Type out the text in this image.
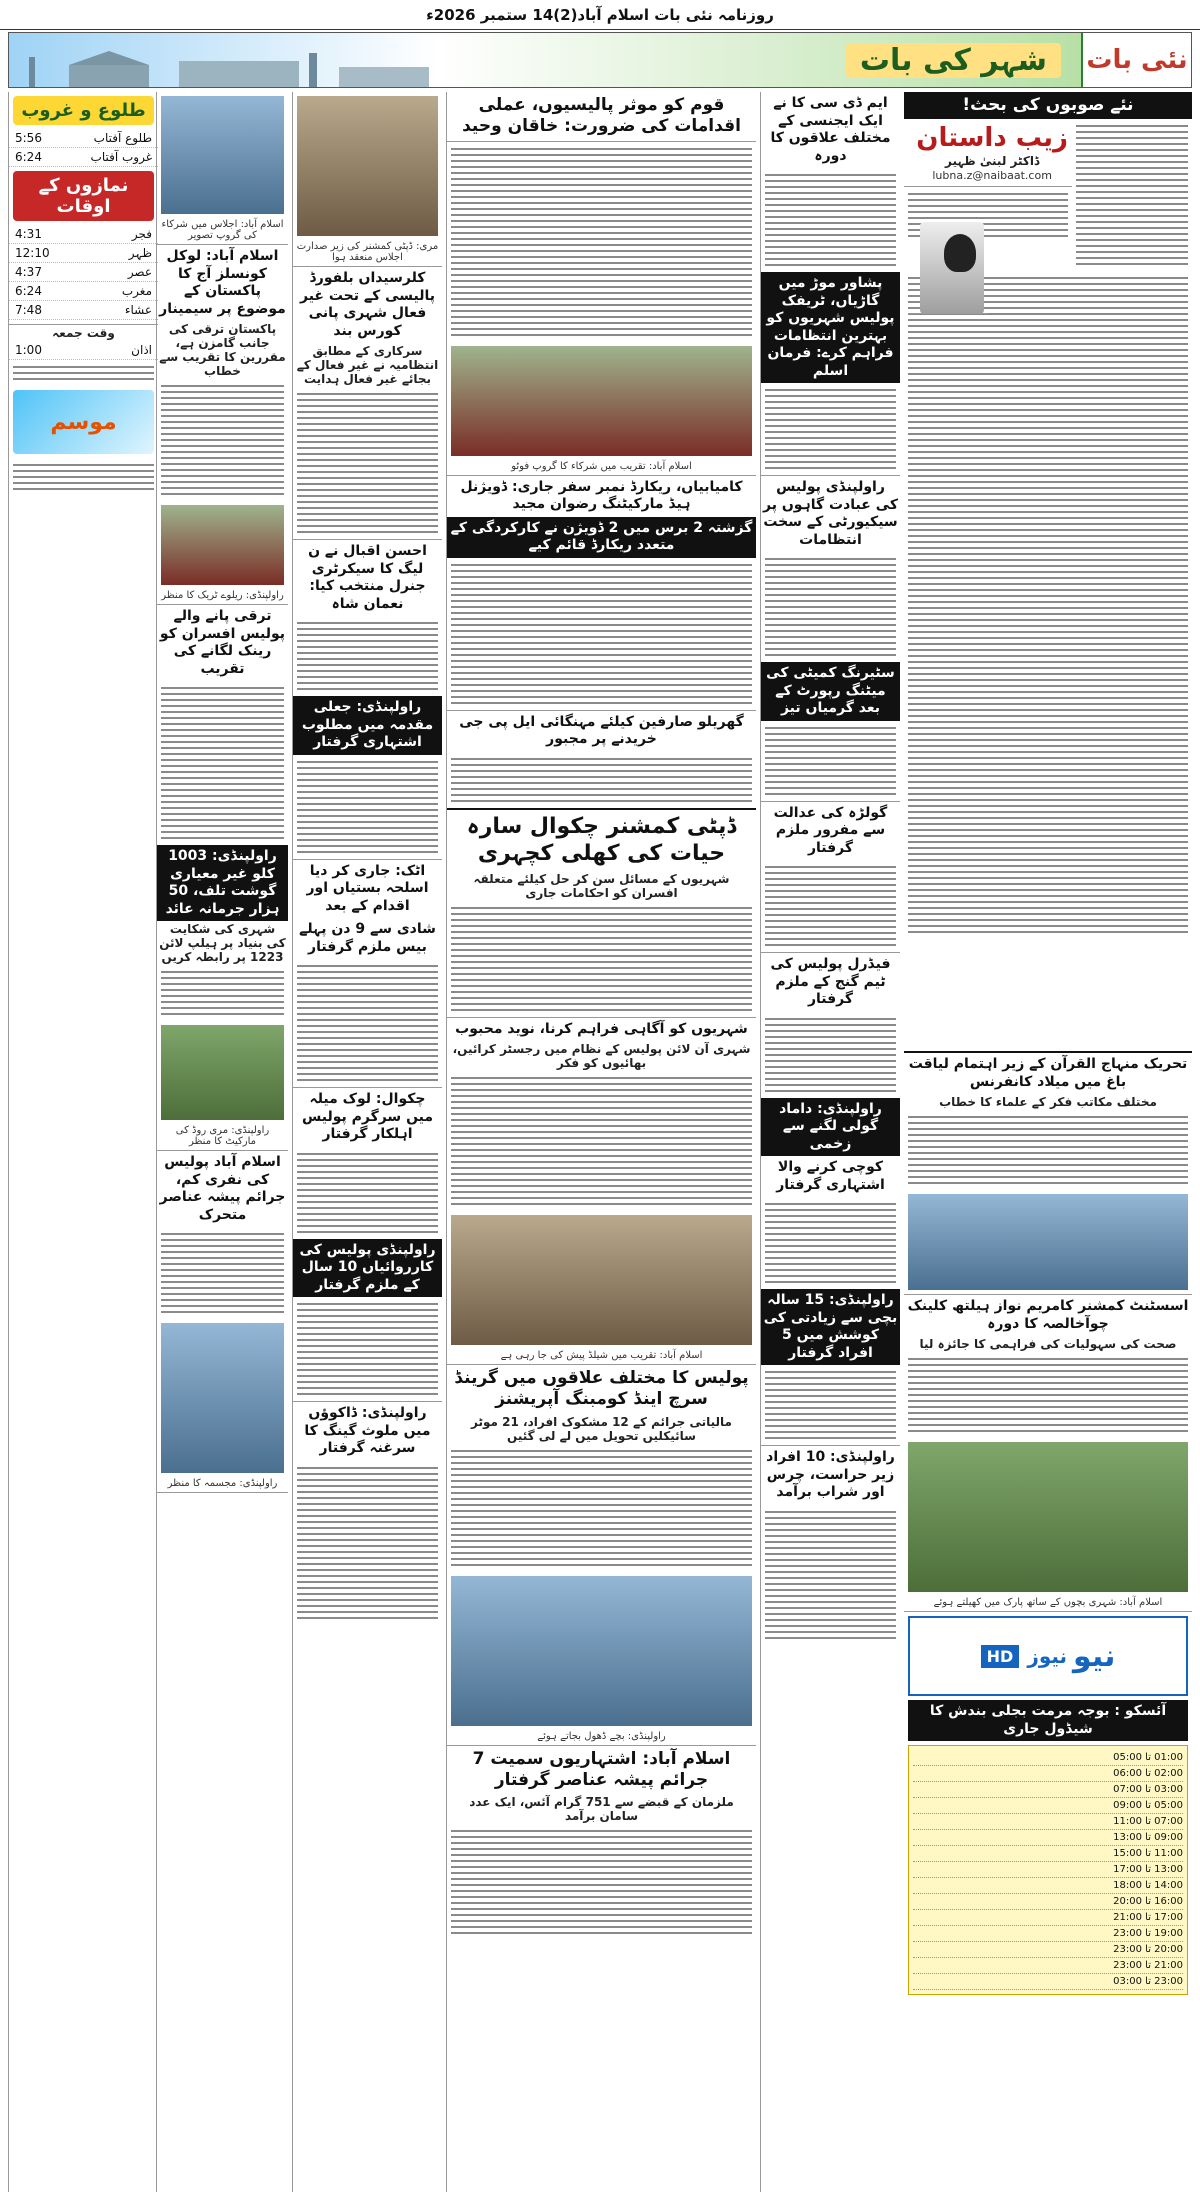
روزنامہ نئی بات اسلام آباد(2)14 ستمبر 2026ء
نئی بات
شہر کی بات
نئے صوبوں کی بحث!
زیب داستان
ڈاکٹر لبنیٰ ظہیر
lubna.z@naibaat.com
تحریک منہاج القرآن کے زیر اہتمام لیاقت باغ میں میلاد کانفرنس
مختلف مکاتب فکر کے علماء کا خطاب
اسسٹنٹ کمشنر کامریم نواز ہیلتھ کلینک چوآخالصہ کا دورہ
صحت کی سہولیات کی فراہمی کا جائزہ لیا
اسلام آباد: شہری بچوں کے ساتھ پارک میں کھیلتے ہوئے
نیو
نیوز
HD
آئسکو : بوجہ مرمت بجلی بندش کا شیڈول جاری
01:00 تا 05:00
02:00 تا 06:00
03:00 تا 07:00
05:00 تا 09:00
07:00 تا 11:00
09:00 تا 13:00
11:00 تا 15:00
13:00 تا 17:00
14:00 تا 18:00
16:00 تا 20:00
17:00 تا 21:00
19:00 تا 23:00
20:00 تا 23:00
21:00 تا 23:00
23:00 تا 03:00
ایم ڈی سی کا نے ایک ایجنسی کے مختلف علاقوں کا دورہ
پشاور موڑ میں گاڑیاں، ٹریفک پولیس شہریوں کو بہترین انتظامات فراہم کرے: فرمان اسلم
راولپنڈی پولیس کی عبادت گاہوں پر سیکیورٹی کے سخت انتظامات
سٹیرنگ کمیٹی کی میٹنگ رپورٹ کے بعد گرمیاں تیز
گولڑہ کی عدالت سے مفرور ملزم گرفتار
فیڈرل پولیس کی ٹیم گنج کے ملزم گرفتار
راولپنڈی: داماد گولی لگنے سے زخمی
کوچی کرنے والا اشتہاری گرفتار
راولپنڈی: 15 سالہ بچی سے زیادتی کی کوشش میں 5 افراد گرفتار
راولپنڈی: 10 افراد زیر حراست، چرس اور شراب برآمد
قوم کو موثر پالیسیوں، عملی اقدامات کی ضرورت: خاقان وحید
اسلام آباد: تقریب میں شرکاء کا گروپ فوٹو
کامیابیاں، ریکارڈ نمبر سفر جاری: ڈویژنل ہیڈ مارکیٹنگ رضوان مجید
گزشتہ 2 برس میں 2 ڈویژن نے کارکردگی کے متعدد ریکارڈ قائم کیے
گھریلو صارفین کیلئے مہنگائی ایل پی جی خریدنے پر مجبور
ڈپٹی کمشنر چکوال سارہ حیات کی کھلی کچہری
شہریوں کے مسائل سن کر حل کیلئے متعلقہ افسران کو احکامات جاری
شہریوں کو آگاہی فراہم کرنا، نوید محبوب
شہری آن لائن پولیس کے نظام میں رجسٹر کرائیں، بھائیوں کو فکر
اسلام آباد: تقریب میں شیلڈ پیش کی جا رہی ہے
پولیس کا مختلف علاقوں میں گرینڈ سرچ اینڈ کومبنگ آپریشنز
مالیاتی جرائم کے 12 مشکوک افراد، 21 موٹر سائیکلیں تحویل میں لے لی گئیں
راولپنڈی: بچے ڈھول بجاتے ہوئے
اسلام آباد: اشتہاریوں سمیت 7 جرائم پیشہ عناصر گرفتار
ملزمان کے قبضے سے 751 گرام آئس، ایک عدد سامان برآمد
مری: ڈپٹی کمشنر کی زیر صدارت اجلاس منعقد ہوا
کلرسیداں بلفورڈ پالیسی کے تحت غیر فعال شہری پانی کورس بند
سرکاری کے مطابق انتظامیہ نے غیر فعال کے بجائے غیر فعال ہدایت
احسن اقبال نے ن لیگ کا سیکرٹری جنرل منتخب کیا: نعمان شاہ
راولپنڈی: جعلی مقدمہ میں مطلوب اشتہاری گرفتار
اٹک: جاری کر دیا اسلحہ بستیاں اور اقدام کے بعد
شادی سے 9 دن پہلے بیس ملزم گرفتار
چکوال: لوک میلہ میں سرگرم پولیس اہلکار گرفتار
راولپنڈی پولیس کی کارروائیاں 10 سال کے ملزم گرفتار
راولپنڈی: ڈاکوؤں میں ملوث گینگ کا سرغنہ گرفتار
اسلام آباد: اجلاس میں شرکاء کی گروپ تصویر
اسلام آباد: لوکل کونسلز آج کا پاکستان کے موضوع پر سیمینار
پاکستان ترقی کی جانب گامزن ہے، مقررین کا تقریب سے خطاب
راولپنڈی: ریلوے ٹریک کا منظر
ترقی پانے والے پولیس افسران کو رینک لگانے کی تقریب
راولپنڈی: 1003 کلو غیر معیاری گوشت تلف، 50 ہزار جرمانہ عائد
شہری کی شکایت کی بنیاد پر ہیلپ لائن 1223 پر رابطہ کریں
راولپنڈی: مری روڈ کی مارکیٹ کا منظر
اسلام آباد پولیس کی نفری کم، جرائم پیشہ عناصر متحرک
راولپنڈی: مجسمہ کا منظر
طلوع و غروب
طلوع آفتاب
5:56
غروب آفتاب
6:24
نمازوں کے اوقات
فجر
4:31
ظہر
12:10
عصر
4:37
مغرب
6:24
عشاء
7:48
وقت جمعہ
اذان
1:00
موسم
